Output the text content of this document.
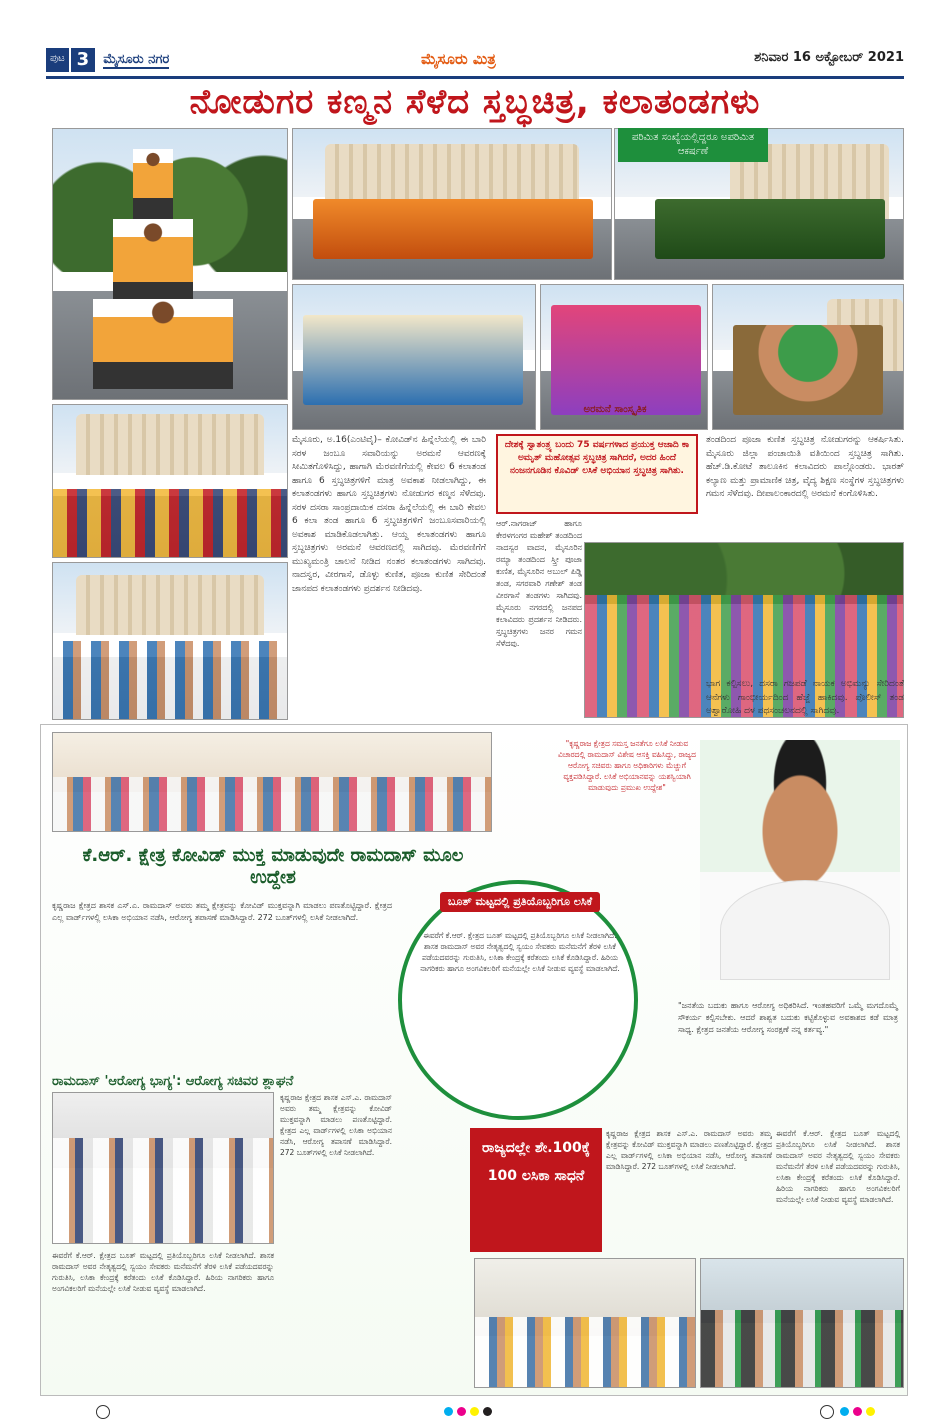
ಪುಟ 3	ಮೈಸೂರು ನಗರ	ಮೈಸೂರು ಮಿತ್ರ	ಶನಿವಾರ 16 ಅಕ್ಟೋಬರ್ 2021
ನೋಡುಗರ ಕಣ್ಮನ ಸೆಳೆದ ಸ್ತಬ್ಧಚಿತ್ರ, ಕಲಾತಂಡಗಳು
ಪರಿಮಿತ ಸಂಖ್ಯೆಯಲ್ಲಿದ್ದರೂ ಅಪರಿಮಿತ ಆಕರ್ಷಣೆ
ಅರಮನೆ ಸಾಂಸ್ಕೃತಿಕ
ಮೈಸೂರು, ಅ.16(ಎಂಟಿವೈ)– ಕೋವಿಡ್‌ನ ಹಿನ್ನೆಲೆಯಲ್ಲಿ ಈ ಬಾರಿ ಸರಳ ಜಂಬೂ ಸವಾರಿಯನ್ನು ಅರಮನೆ ಆವರಣಕ್ಕೆ ಸೀಮಿತಗೊಳಿಸಿದ್ದು, ಹಾಗಾಗಿ ಮೆರವಣಿಗೆಯಲ್ಲಿ ಕೇವಲ 6 ಕಲಾತಂಡ ಹಾಗೂ 6 ಸ್ತಬ್ಧಚಿತ್ರಗಳಿಗೆ ಮಾತ್ರ ಅವಕಾಶ ನೀಡಲಾಗಿದ್ದು, ಈ ಕಲಾತಂಡಗಳು ಹಾಗೂ ಸ್ತಬ್ಧಚಿತ್ರಗಳು ನೋಡುಗರ ಕಣ್ಮನ ಸೆಳೆದವು. ಸರಳ ದಸರಾ ಸಾಂಪ್ರದಾಯಿಕ ದಸರಾ ಹಿನ್ನೆಲೆಯಲ್ಲಿ ಈ ಬಾರಿ ಕೇವಲ 6 ಕಲಾ ತಂಡ ಹಾಗೂ 6 ಸ್ತಬ್ಧಚಿತ್ರಗಳಿಗೆ ಜಂಬೂಸವಾರಿಯಲ್ಲಿ ಅವಕಾಶ ಮಾಡಿಕೊಡಲಾಗಿತ್ತು. ಆಯ್ದ ಕಲಾತಂಡಗಳು ಹಾಗೂ ಸ್ತಬ್ಧಚಿತ್ರಗಳು ಅರಮನೆ ಆವರಣದಲ್ಲಿ ಸಾಗಿದವು. ಮೆರವಣಿಗೆಗೆ ಮುಖ್ಯಮಂತ್ರಿ ಚಾಲನೆ ನೀಡಿದ ನಂತರ ಕಲಾತಂಡಗಳು ಸಾಗಿದವು. ನಾದಸ್ವರ, ವೀರಗಾಸೆ, ಡೊಳ್ಳು ಕುಣಿತ, ಪೂಜಾ ಕುಣಿತ ಸೇರಿದಂತೆ ಜಾನಪದ ಕಲಾತಂಡಗಳು ಪ್ರದರ್ಶನ ನೀಡಿದವು.
ದೇಶಕ್ಕೆ ಸ್ವಾತಂತ್ರ್ಯ ಬಂದು 75 ವರ್ಷಗಳಾದ ಪ್ರಯುಕ್ತ ಆಜಾದಿ ಕಾ ಅಮೃತ್ ಮಹೋತ್ಸವ ಸ್ತಬ್ಧಚಿತ್ರ ಸಾಗಿದರೆ, ಅದರ ಹಿಂದೆ ನಂಜನಗೂಡಿನ ಕೊವಿಡ್ ಲಸಿಕೆ ಅಭಿಯಾನ ಸ್ತಬ್ಧಚಿತ್ರ ಸಾಗಿತು.
ಆರ್.ನಾಗರಾಜ್ ಹಾಗೂ ಕೇರಳಗಂಗರ ಮಹೇಶ್ ತಂಡದಿಂದ ನಾದಸ್ವರ ವಾದನ, ಮೈಸೂರಿನ ರಮ್ಯಾ ತಂಡದಿಂದ ಸ್ತ್ರೀ ಪೂಜಾ ಕುಣಿತ, ಮೈಸೂರಿನ ಅಬುಲ್ ಪಿಡ್ಡಿ ತಂಡ, ಸಗರವಾರಿ ಗಣೇಶ್ ತಂಡ ವೀರಗಾಸೆ ತಂಡಗಳು ಸಾಗಿದವು. ಮೈಸೂರು ನಗರದಲ್ಲಿ ಜನಪದ ಕಲಾವಿದರು ಪ್ರದರ್ಶನ ನೀಡಿದರು. ಸ್ತಬ್ಧಚಿತ್ರಗಳು ಜನರ ಗಮನ ಸೆಳೆದವು.
ತಂಡದಿಂದ ಪೂಜಾ ಕುಣಿತ ಸ್ತಬ್ಧಚಿತ್ರ ನೋಡುಗರನ್ನು ಆಕರ್ಷಿಸಿತು. ಮೈಸೂರು ಜಿಲ್ಲಾ ಪಂಚಾಯಿತಿ ವತಿಯಿಂದ ಸ್ತಬ್ಧಚಿತ್ರ ಸಾಗಿತು. ಹೆಚ್.ಡಿ.ಕೋಟೆ ತಾಲೂಕಿನ ಕಲಾವಿದರು ಪಾಲ್ಗೊಂಡರು. ಭಾರತ್ ಕಲ್ಯಾಣ ಮತ್ತು ಪ್ರಾಮಾಣಿಕ ಚಿತ್ರ, ವೈದ್ಯ ಶಿಕ್ಷಣ ಸಂಸ್ಥೆಗಳ ಸ್ತಬ್ಧಚಿತ್ರಗಳು ಗಮನ ಸೆಳೆದವು. ದೀಪಾಲಂಕಾರದಲ್ಲಿ ಅರಮನೆ ಕಂಗೊಳಿಸಿತು.
ಭಾಗ ಕಲ್ಪಿಸಲು, ದಸರಾ ಗಜಪಡೆ ನಾಯಕ ಅಭಿಮನ್ಯು ಸೇರಿದಂತೆ ಆನೆಗಳು ಗಾಂಭೀರ್ಯದಿಂದ ಹೆಜ್ಜೆ ಹಾಕಿದವು. ಪೊಲೀಸ್ ತಂಡ ಅಶ್ವಾರೋಹಿ ದಳ ಪಥಸಂಚಲನದಲ್ಲಿ ಸಾಗಿದವು.
ಕೆ.ಆರ್. ಕ್ಷೇತ್ರ ಕೋವಿಡ್ ಮುಕ್ತ ಮಾಡುವುದೇ ರಾಮದಾಸ್ ಮೂಲ ಉದ್ದೇಶ
ಕೃಷ್ಣರಾಜ ಕ್ಷೇತ್ರದ ಶಾಸಕ ಎಸ್.ಎ. ರಾಮದಾಸ್ ಅವರು ತಮ್ಮ ಕ್ಷೇತ್ರವನ್ನು ಕೋವಿಡ್ ಮುಕ್ತವನ್ನಾಗಿ ಮಾಡಲು ಪಣತೊಟ್ಟಿದ್ದಾರೆ. ಕ್ಷೇತ್ರದ ಎಲ್ಲ ವಾರ್ಡ್‌ಗಳಲ್ಲಿ ಲಸಿಕಾ ಅಭಿಯಾನ ನಡೆಸಿ, ಆರೋಗ್ಯ ತಪಾಸಣೆ ಮಾಡಿಸಿದ್ದಾರೆ. 272 ಬೂತ್‌ಗಳಲ್ಲಿ ಲಸಿಕೆ ನೀಡಲಾಗಿದೆ.
ರಾಮದಾಸ್ 'ಆರೋಗ್ಯ ಭಾಗ್ಯ': ಆರೋಗ್ಯ ಸಚಿವರ ಶ್ಲಾಘನೆ
ಕೃಷ್ಣರಾಜ ಕ್ಷೇತ್ರದ ಶಾಸಕ ಎಸ್.ಎ. ರಾಮದಾಸ್ ಅವರು ತಮ್ಮ ಕ್ಷೇತ್ರವನ್ನು ಕೋವಿಡ್ ಮುಕ್ತವನ್ನಾಗಿ ಮಾಡಲು ಪಣತೊಟ್ಟಿದ್ದಾರೆ. ಕ್ಷೇತ್ರದ ಎಲ್ಲ ವಾರ್ಡ್‌ಗಳಲ್ಲಿ ಲಸಿಕಾ ಅಭಿಯಾನ ನಡೆಸಿ, ಆರೋಗ್ಯ ತಪಾಸಣೆ ಮಾಡಿಸಿದ್ದಾರೆ. 272 ಬೂತ್‌ಗಳಲ್ಲಿ ಲಸಿಕೆ ನೀಡಲಾಗಿದೆ.
ಈವರೆಗೆ ಕೆ.ಆರ್. ಕ್ಷೇತ್ರದ ಬೂತ್ ಮಟ್ಟದಲ್ಲಿ ಪ್ರತಿಯೊಬ್ಬರಿಗೂ ಲಸಿಕೆ ನೀಡಲಾಗಿದೆ. ಶಾಸಕ ರಾಮದಾಸ್ ಅವರ ನೇತೃತ್ವದಲ್ಲಿ ಸ್ವಯಂ ಸೇವಕರು ಮನೆಮನೆಗೆ ತೆರಳಿ ಲಸಿಕೆ ಪಡೆಯದವರನ್ನು ಗುರುತಿಸಿ, ಲಸಿಕಾ ಕೇಂದ್ರಕ್ಕೆ ಕರೆತಂದು ಲಸಿಕೆ ಕೊಡಿಸಿದ್ದಾರೆ. ಹಿರಿಯ ನಾಗರಿಕರು ಹಾಗೂ ಅಂಗವಿಕಲರಿಗೆ ಮನೆಯಲ್ಲೇ ಲಸಿಕೆ ನೀಡುವ ವ್ಯವಸ್ಥೆ ಮಾಡಲಾಗಿದೆ.
ಬೂತ್ ಮಟ್ಟದಲ್ಲಿ ಪ್ರತಿಯೊಬ್ಬರಿಗೂ ಲಸಿಕೆ
ಈವರೆಗೆ ಕೆ.ಆರ್. ಕ್ಷೇತ್ರದ ಬೂತ್ ಮಟ್ಟದಲ್ಲಿ ಪ್ರತಿಯೊಬ್ಬರಿಗೂ ಲಸಿಕೆ ನೀಡಲಾಗಿದೆ. ಶಾಸಕ ರಾಮದಾಸ್ ಅವರ ನೇತೃತ್ವದಲ್ಲಿ ಸ್ವಯಂ ಸೇವಕರು ಮನೆಮನೆಗೆ ತೆರಳಿ ಲಸಿಕೆ ಪಡೆಯದವರನ್ನು ಗುರುತಿಸಿ, ಲಸಿಕಾ ಕೇಂದ್ರಕ್ಕೆ ಕರೆತಂದು ಲಸಿಕೆ ಕೊಡಿಸಿದ್ದಾರೆ. ಹಿರಿಯ ನಾಗರಿಕರು ಹಾಗೂ ಅಂಗವಿಕಲರಿಗೆ ಮನೆಯಲ್ಲೇ ಲಸಿಕೆ ನೀಡುವ ವ್ಯವಸ್ಥೆ ಮಾಡಲಾಗಿದೆ.
ರಾಜ್ಯದಲ್ಲೇ ಶೇ.100ಕ್ಕೆ 100 ಲಸಿಕಾ ಸಾಧನೆ
ಕೃಷ್ಣರಾಜ ಕ್ಷೇತ್ರದ ಶಾಸಕ ಎಸ್.ಎ. ರಾಮದಾಸ್ ಅವರು ತಮ್ಮ ಕ್ಷೇತ್ರವನ್ನು ಕೋವಿಡ್ ಮುಕ್ತವನ್ನಾಗಿ ಮಾಡಲು ಪಣತೊಟ್ಟಿದ್ದಾರೆ. ಕ್ಷೇತ್ರದ ಎಲ್ಲ ವಾರ್ಡ್‌ಗಳಲ್ಲಿ ಲಸಿಕಾ ಅಭಿಯಾನ ನಡೆಸಿ, ಆರೋಗ್ಯ ತಪಾಸಣೆ ಮಾಡಿಸಿದ್ದಾರೆ. 272 ಬೂತ್‌ಗಳಲ್ಲಿ ಲಸಿಕೆ ನೀಡಲಾಗಿದೆ.
ಈವರೆಗೆ ಕೆ.ಆರ್. ಕ್ಷೇತ್ರದ ಬೂತ್ ಮಟ್ಟದಲ್ಲಿ ಪ್ರತಿಯೊಬ್ಬರಿಗೂ ಲಸಿಕೆ ನೀಡಲಾಗಿದೆ. ಶಾಸಕ ರಾಮದಾಸ್ ಅವರ ನೇತೃತ್ವದಲ್ಲಿ ಸ್ವಯಂ ಸೇವಕರು ಮನೆಮನೆಗೆ ತೆರಳಿ ಲಸಿಕೆ ಪಡೆಯದವರನ್ನು ಗುರುತಿಸಿ, ಲಸಿಕಾ ಕೇಂದ್ರಕ್ಕೆ ಕರೆತಂದು ಲಸಿಕೆ ಕೊಡಿಸಿದ್ದಾರೆ. ಹಿರಿಯ ನಾಗರಿಕರು ಹಾಗೂ ಅಂಗವಿಕಲರಿಗೆ ಮನೆಯಲ್ಲೇ ಲಸಿಕೆ ನೀಡುವ ವ್ಯವಸ್ಥೆ ಮಾಡಲಾಗಿದೆ.
"ಕೃಷ್ಣರಾಜ ಕ್ಷೇತ್ರದ ಸಮಸ್ತ ಜನತೆಗೂ ಲಸಿಕೆ ನೀಡುವ ವಿಚಾರದಲ್ಲಿ ರಾಮದಾಸ್ ವಿಶೇಷ ಆಸಕ್ತಿ ವಹಿಸಿದ್ದು, ರಾಜ್ಯದ ಆರೋಗ್ಯ ಸಚಿವರು ಹಾಗೂ ಅಧಿಕಾರಿಗಳು ಮೆಚ್ಚುಗೆ ವ್ಯಕ್ತಪಡಿಸಿದ್ದಾರೆ. ಲಸಿಕೆ ಅಭಿಯಾನವನ್ನು ಯಶಸ್ವಿಯಾಗಿ ಮಾಡುವುದು ಪ್ರಮುಖ ಉದ್ದೇಶ"
"ಜನತೆಯ ಬದುಕು ಹಾಗೂ ಆರೋಗ್ಯ ಅಧಿಕರಿಸಿದೆ. ಇಂತಹವರಿಗೆ ಒಮ್ಮೆ ಮಗದೊಮ್ಮೆ ಸೌಕರ್ಯ ಕಲ್ಪಿಸಬೇಕು. ಆದರೆ ಶಾಶ್ವತ ಬದುಕು ಕಟ್ಟಿಕೊಳ್ಳುವ ಅವಕಾಶದ ಕಡೆ ಮಾತ್ರ ಸಾಧ್ಯ. ಕ್ಷೇತ್ರದ ಜನತೆಯ ಆರೋಗ್ಯ ಸಂರಕ್ಷಣೆ ನನ್ನ ಕರ್ತವ್ಯ."
